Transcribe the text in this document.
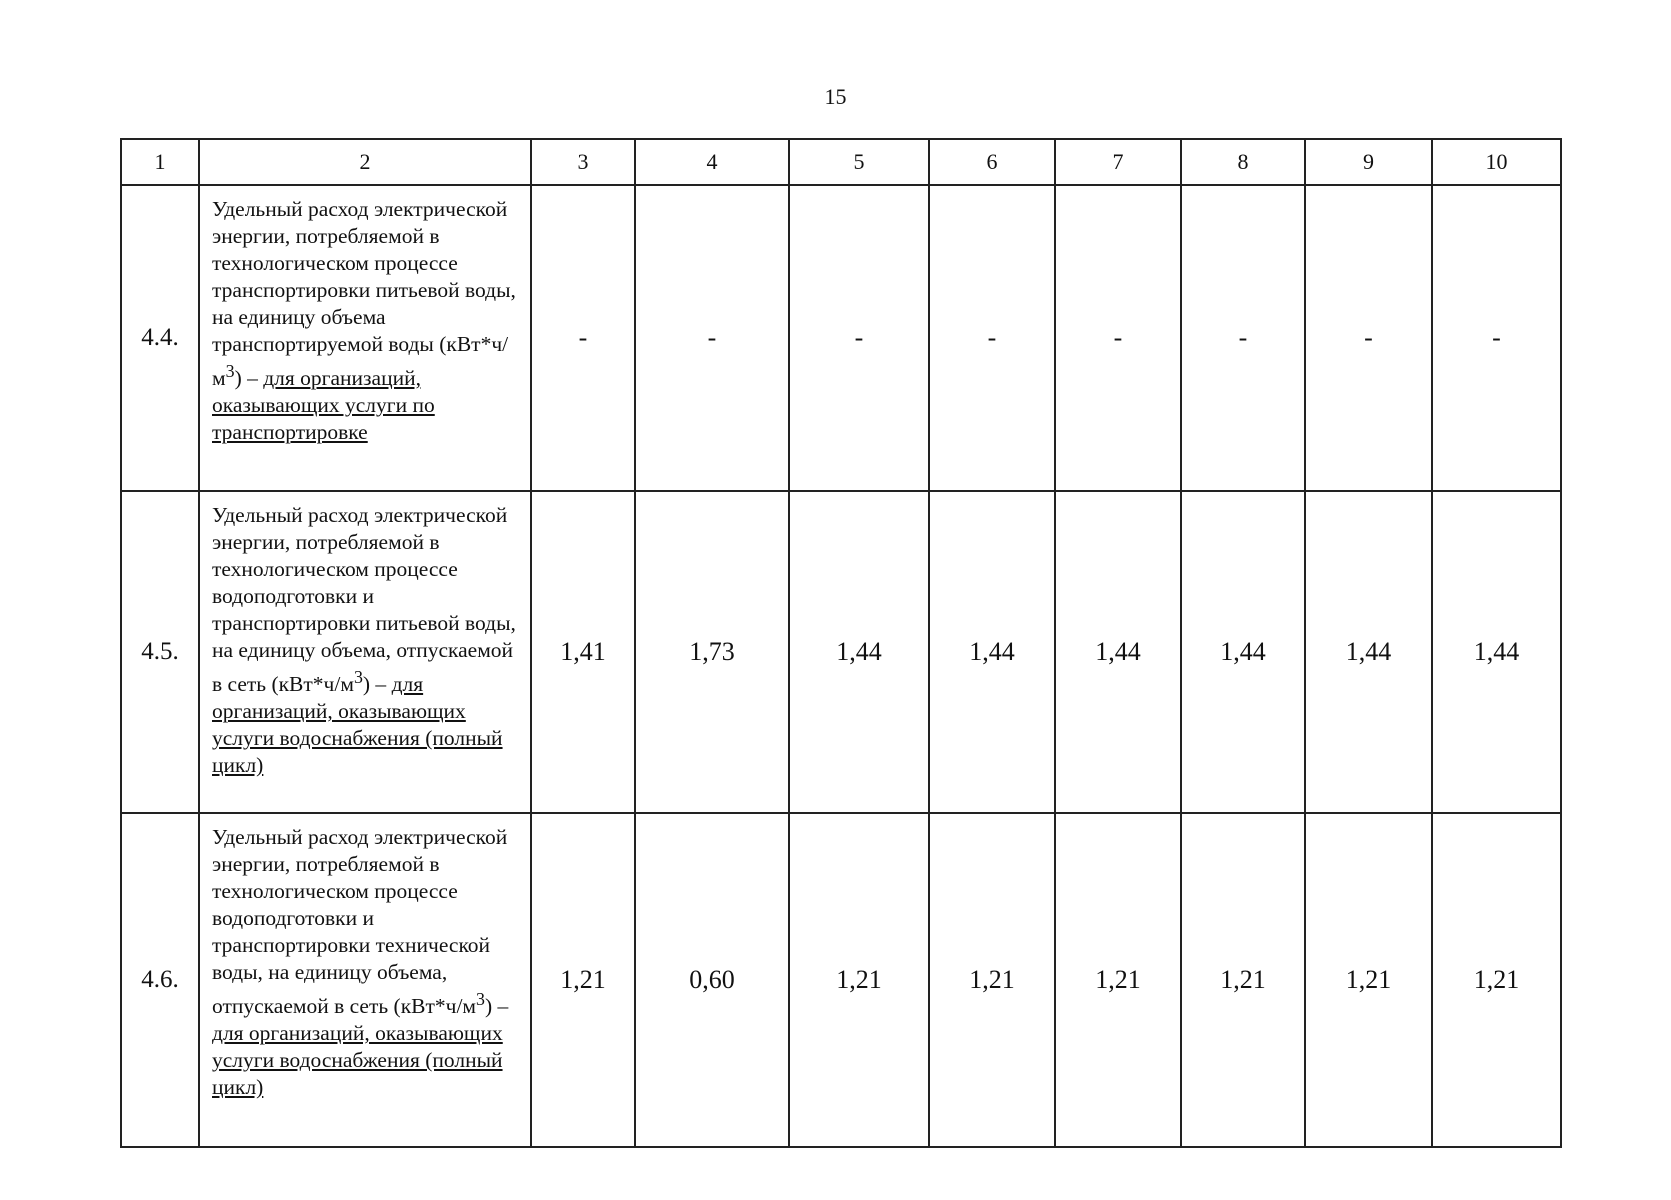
15
1	2	3	4	5	6	7	8	9	10
4.4.	Удельный расход электрической энергии, потребляемой в технологическом процессе транспортировки питьевой воды, на единицу объема транспортируемой воды $(кВт*ч/м^3)$ – для организаций, оказывающих услуги по транспортировке	-	-	-	-	-	-	-	-
4.5.	Удельный расход электрической энергии, потребляемой в технологическом процессе водоподготовки и транспортировки питьевой воды, на единицу объема, отпускаемой в сеть $(кВт*ч/м^3)$ – для организаций, оказывающих услуги водоснабжения (полный цикл)	1,41	1,73	1,44	1,44	1,44	1,44	1,44	1,44
4.6.	Удельный расход электрической энергии, потребляемой в технологическом процессе водоподготовки и транспортировки технической воды, на единицу объема, отпускаемой в сеть $(кВт*ч/м^3)$ – для организаций, оказывающих услуги водоснабжения (полный цикл)	1,21	0,60	1,21	1,21	1,21	1,21	1,21	1,21
